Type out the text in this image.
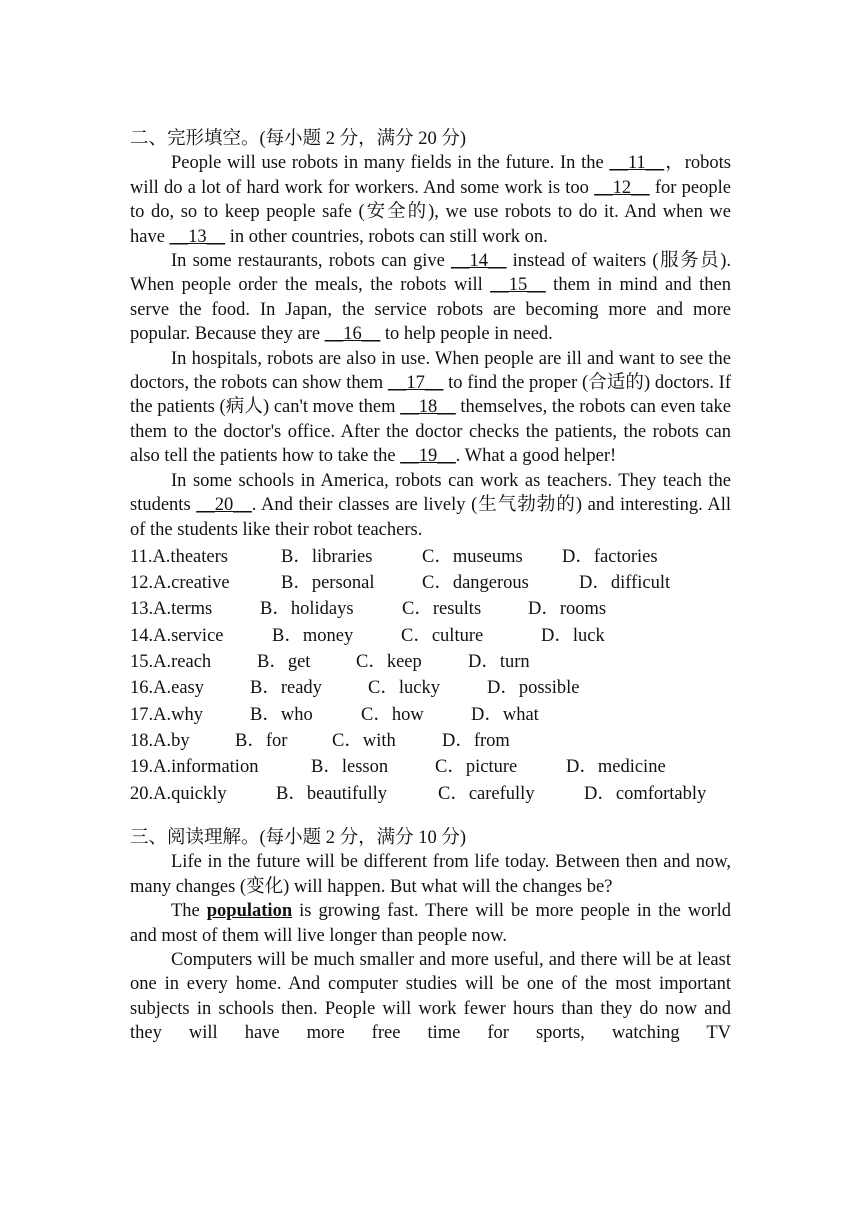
二、完形填空。(每小题 2 分，满分 20 分)

People will use robots in many fields in the future. In the __11__，robots will do a lot of hard work for workers. And some work is too __12__ for people to do, so to keep people safe (安全的), we use robots to do it. And when we have __13__ in other countries, robots can still work on.

In some restaurants, robots can give __14__ instead of waiters (服务员). When people order the meals, the robots will __15__ them in mind and then serve the food. In Japan, the service robots are becoming more and more popular. Because they are __16__ to help people in need.

In hospitals, robots are also in use. When people are ill and want to see the doctors, the robots can show them __17__ to find the proper (合适的) doctors. If the patients (病人) can't move them __18__ themselves, the robots can even take them to the doctor's office. After the doctor checks the patients, the robots can also tell the patients how to take the __19__. What a good helper!

In some schools in America, robots can work as teachers. They teach the students __20__. And their classes are lively (生气勃勃的) and interesting. All of the students like their robot teachers.

11.A.theaters	B．libraries	C．museums	D．factories
12.A.creative	B．personal	C．dangerous	D．difficult
13.A.terms	B．holidays	C．results	D．rooms
14.A.service	B．money	C．culture	D．luck
15.A.reach	B．get	C．keep	D．turn
16.A.easy	B．ready	C．lucky	D．possible
17.A.why	B．who	C．how	D．what
18.A.by	B．for	C．with	D．from
19.A.information	B．lesson	C．picture	D．medicine
20.A.quickly	B．beautifully	C．carefully	D．comfortably

三、阅读理解。(每小题 2 分，满分 10 分)

Life in the future will be different from life today. Between then and now, many changes (变化) will happen. But what will the changes be?

The population is growing fast. There will be more people in the world and most of them will live longer than people now.

Computers will be much smaller and more useful, and there will be at least one in every home. And computer studies will be one of the most important subjects in schools then. People will work fewer hours than they do now and they will have more free time for sports, watching TV
